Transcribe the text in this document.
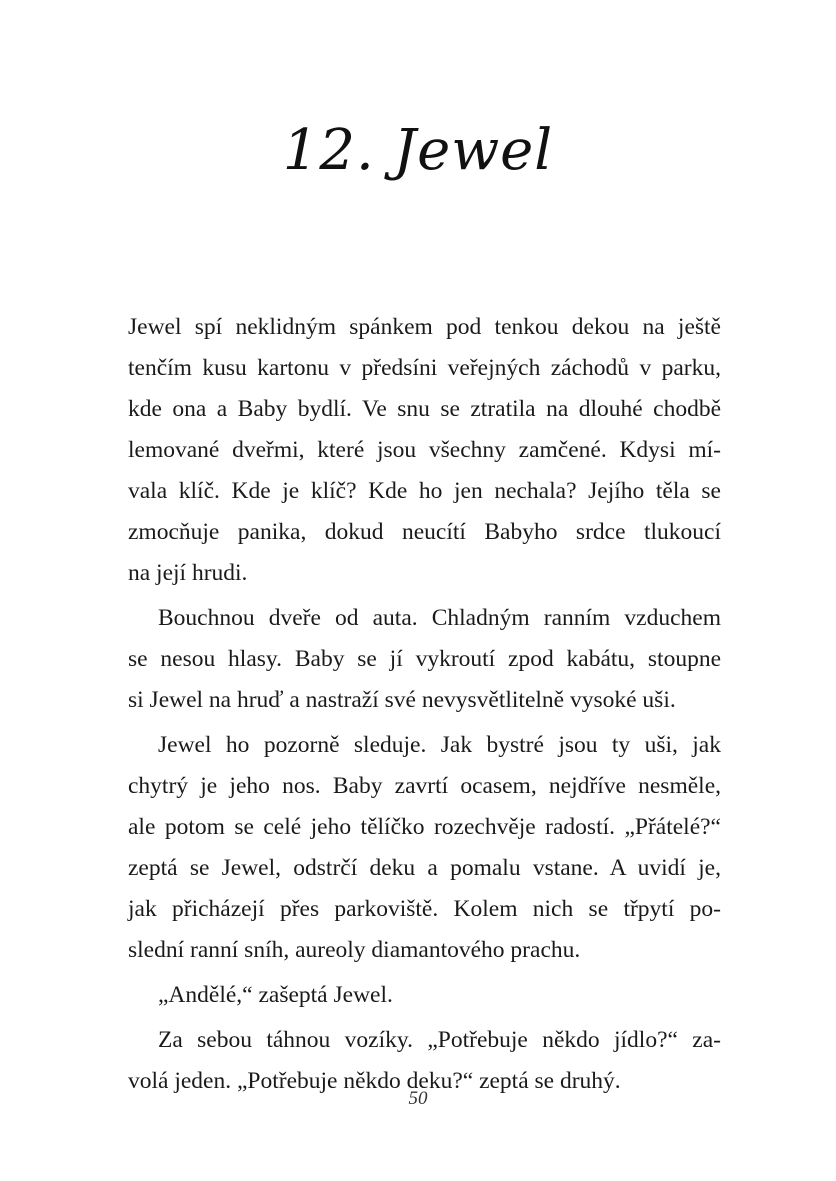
12. Jewel
Jewel spí neklidným spánkem pod tenkou dekou na ještě
tenčím kusu kartonu v předsíni veřejných záchodů v parku,
kde ona a Baby bydlí. Ve snu se ztratila na dlouhé chodbě
lemované dveřmi, které jsou všechny zamčené. Kdysi mí-
vala klíč. Kde je klíč? Kde ho jen nechala? Jejího těla se
zmocňuje panika, dokud neucítí Babyho srdce tlukoucí
na její hrudi.
Bouchnou dveře od auta. Chladným ranním vzduchem
se nesou hlasy. Baby se jí vykroutí zpod kabátu, stoupne
si Jewel na hruď a nastraží své nevysvětlitelně vysoké uši.
Jewel ho pozorně sleduje. Jak bystré jsou ty uši, jak
chytrý je jeho nos. Baby zavrtí ocasem, nejdříve nesměle,
ale potom se celé jeho tělíčko rozechvěje radostí. „Přátelé?“
zeptá se Jewel, odstrčí deku a pomalu vstane. A uvidí je,
jak přicházejí přes parkoviště. Kolem nich se třpytí po-
slední ranní sníh, aureoly diamantového prachu.
„Andělé,“ zašeptá Jewel.
Za sebou táhnou vozíky. „Potřebuje někdo jídlo?“ za-
volá jeden. „Potřebuje někdo deku?“ zeptá se druhý.
50
